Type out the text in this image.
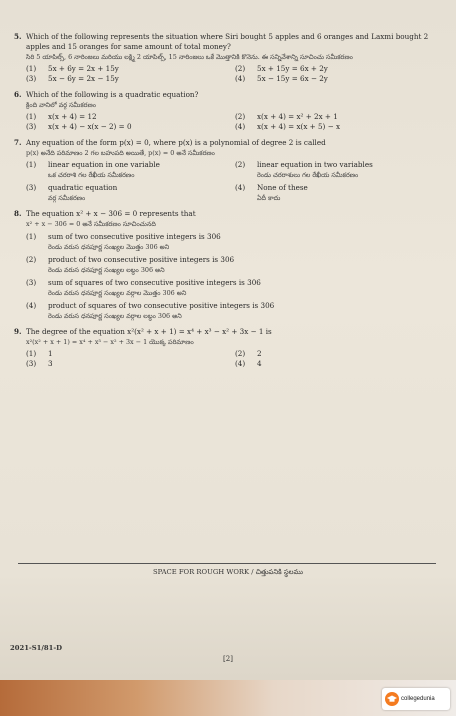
5. Which of the following represents the situation where Siri bought 5 apples and 6 oranges and Laxmi bought 2 apples and 15 oranges for same amount of total money?
సిరి 5 యాపిల్స్, 6 నారింజలు మరియు లక్ష్మి 2 యాపిల్స్, 15 నారింజలు ఒకే మొత్తానికి కొనెను. ఈ సన్నివేశాన్ని సూచించు సమీకరణం
(1)	5x + 6y = 2x + 15y	(2)	5x + 15y = 6x + 2y
(3)	5x − 6y = 2x − 15y	(4)	5x − 15y = 6x − 2y
6. Which of the following is a quadratic equation?
క్రింది వానిలో వర్గ సమీకరణం
(1)	x(x + 4) = 12	(2)	x(x + 4) = x² + 2x + 1
(3)	x(x + 4) − x(x − 2) = 0	(4)	x(x + 4) = x(x + 5) − x
7. Any equation of the form p(x) = 0, where p(x) is a polynomial of degree 2 is called
p(x) అనేది పరిమాణం 2 గల బహుపది అయితే, p(x) = 0 అనే సమీకరణం
(1)	linear equation in one variable
ఒక చరరాశి గల రేఖీయ సమీకరణం
(2)	linear equation in two variables
రెండు చరరాశులు గల రేఖీయ సమీకరణం
(3)	quadratic equation
వర్గ సమీకరణం
(4)	None of these
ఏదీ కాదు
8. The equation x² + x − 306 = 0 represents that
x² + x − 306 = 0 అనే సమీకరణం సూచించునది
(1)	sum of two consecutive positive integers is 306
రెండు వరుస ధనపూర్ణ సంఖ్యల మొత్తం 306 అని
(2)	product of two consecutive positive integers is 306
రెండు వరుస ధనపూర్ణ సంఖ్యల లబ్ధం 306 అని
(3)	sum of squares of two consecutive positive integers is 306
రెండు వరుస ధనపూర్ణ సంఖ్యల వర్గాల మొత్తం 306 అని
(4)	product of squares of two consecutive positive integers is 306
రెండు వరుస ధనపూర్ణ సంఖ్యల వర్గాల లబ్ధం 306 అని
9. The degree of the equation x²(x² + x + 1) = x⁴ + x³ − x² + 3x − 1 is
x²(x² + x + 1) = x⁴ + x³ − x² + 3x − 1 యొక్క పరిమాణం
(1)	1	(2)	2
(3)	3	(4)	4
SPACE FOR ROUGH WORK / చిత్తుపనికి స్థలము
2021-S1/81-D
[2]
collegedunia
